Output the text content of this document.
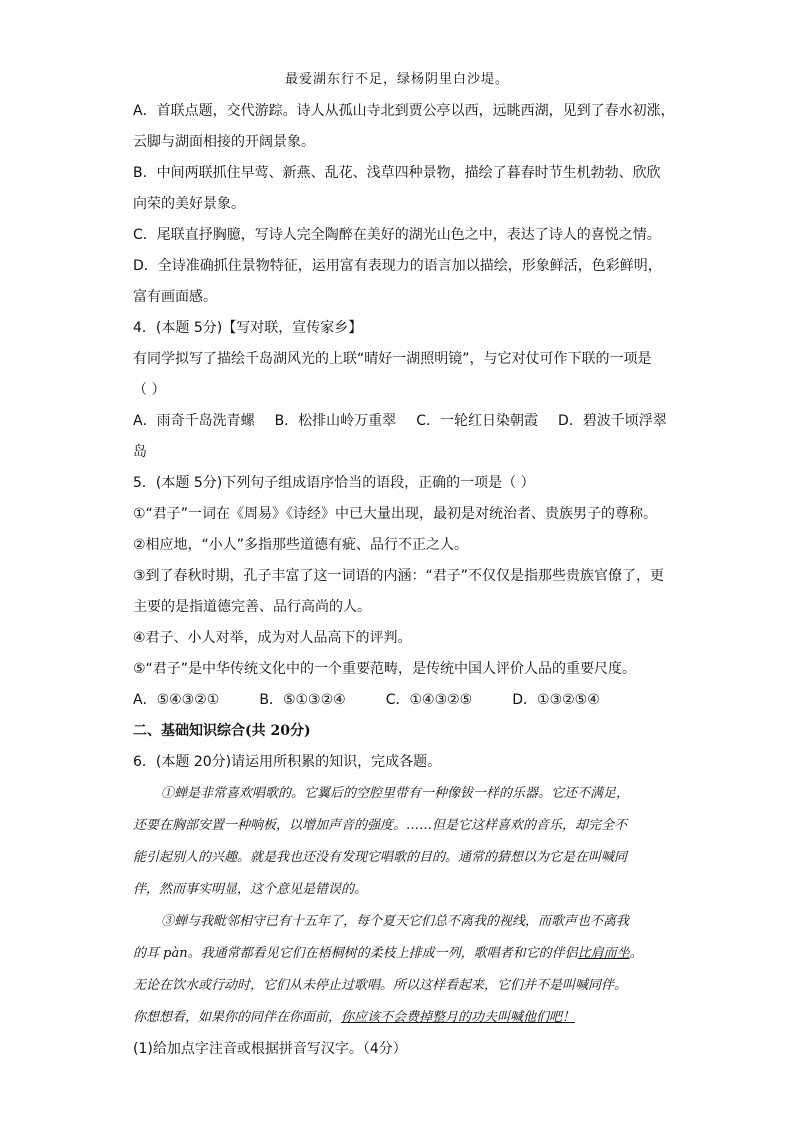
最爱湖东行不足，绿杨阴里白沙堤。
A．首联点题，交代游踪。诗人从孤山寺北到贾公亭以西，远眺西湖，见到了春水初涨，
云脚与湖面相接的开阔景象。
B．中间两联抓住早莺、新燕、乱花、浅草四种景物，描绘了暮春时节生机勃勃、欣欣
向荣的美好景象。
C．尾联直抒胸臆，写诗人完全陶醉在美好的湖光山色之中，表达了诗人的喜悦之情。
D．全诗准确抓住景物特征，运用富有表现力的语言加以描绘，形象鲜活，色彩鲜明，
富有画面感。
4．(本题 5分)【写对联，宣传家乡】
有同学拟写了描绘千岛湖风光的上联“晴好一湖照明镜”，与它对仗可作下联的一项是
（ ）
A．雨奇千岛洗青螺 B．松排山岭万重翠 C．一轮红日染朝霞 D．碧波千顷浮翠
岛
5．(本题 5分)下列句子组成语序恰当的语段，正确的一项是（ ）
①“君子”一词在《周易》《诗经》中已大量出现，最初是对统治者、贵族男子的尊称。
②相应地，“小人”多指那些道德有疵、品行不正之人。
③到了春秋时期，孔子丰富了这一词语的内涵：“君子”不仅仅是指那些贵族官僚了，更
主要的是指道德完善、品行高尚的人。
④君子、小人对举，成为对人品高下的评判。
⑤“君子”是中华传统文化中的一个重要范畴，是传统中国人评价人品的重要尺度。
A．⑤④③②①	B．⑤①③②④	C．①④③②⑤	D．①③②⑤④
二、基础知识综合(共 20分)
6．(本题 20分)请运用所积累的知识，完成各题。
①蝉是非常喜欢唱歌的。它翼后的空腔里带有一种像钹一样的乐器。它还不满足，
还要在胸部安置一种响板，以增加声音的强度。……但是它这样喜欢的音乐，却完全不
能引起别人的兴趣。就是我也还没有发现它唱歌的目的。通常的猜想以为它是在叫喊同
伴，然而事实明显，这个意见是错误的。
③蝉与我毗邻相守已有十五年了，每个夏天它们总不离我的视线，而歌声也不离我
的耳 pàn。我通常都看见它们在梧桐树的柔枝上排成一列，歌唱者和它的伴侣比肩而坐。
无论在饮水或行动时，它们从未停止过歌唱。所以这样看起来，它们并不是叫喊同伴。
你想想看，如果你的同伴在你面前，你应该不会费掉整月的功夫叫喊他们吧！
(1)给加点字注音或根据拼音写汉字。（4分）
